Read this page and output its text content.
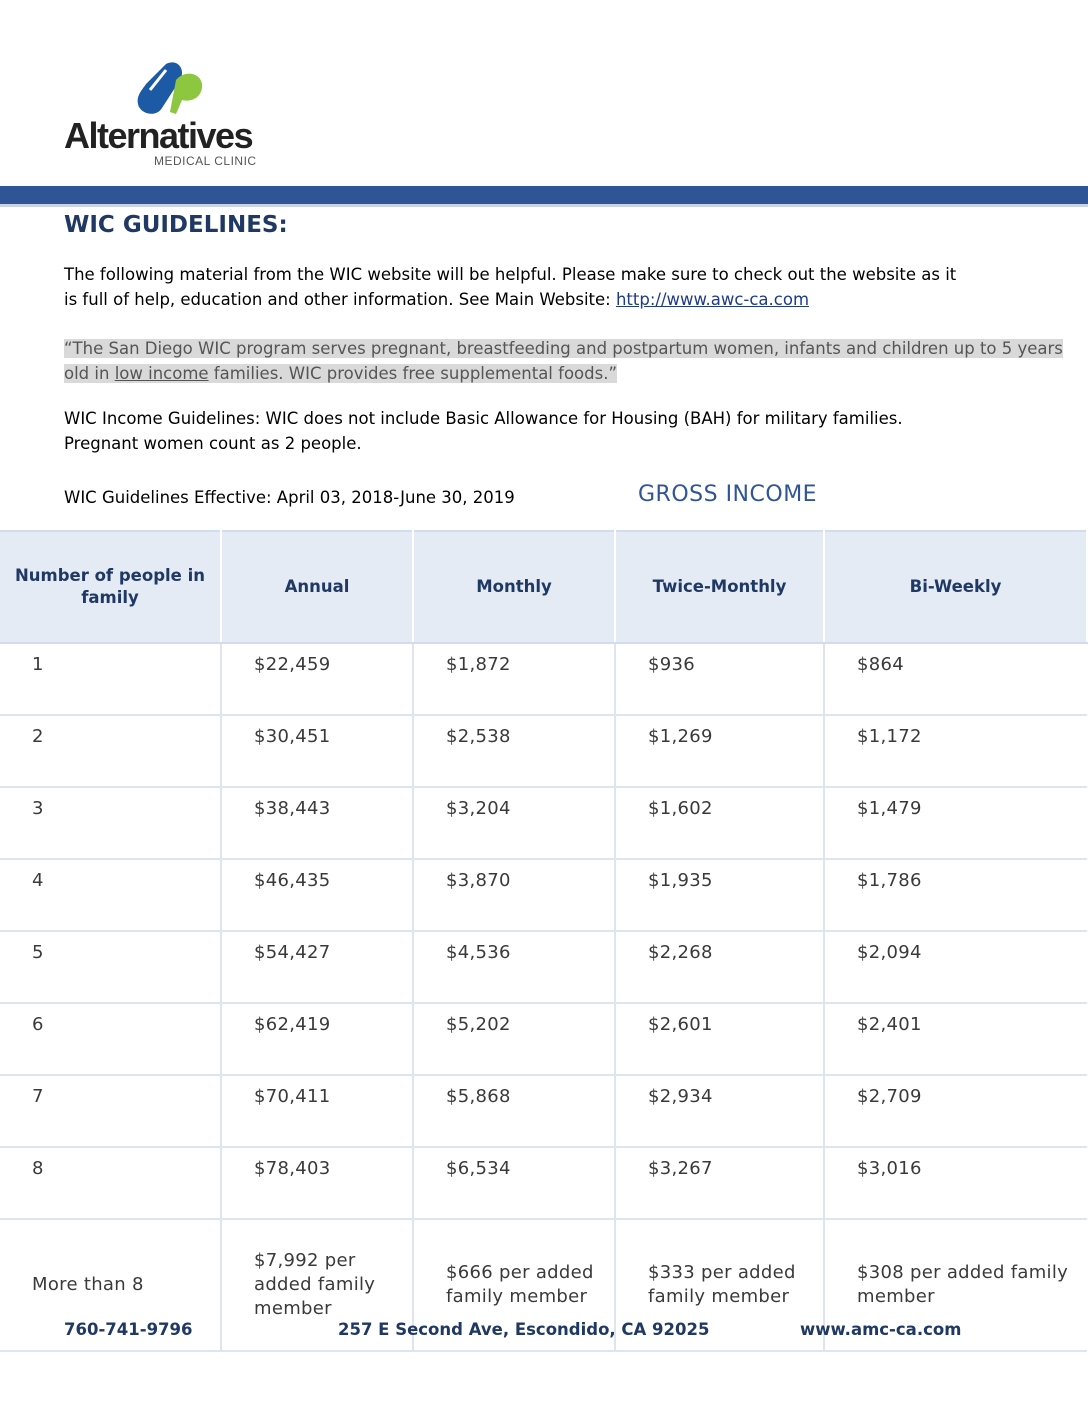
Alternatives
MEDICAL CLINIC
WIC GUIDELINES:
The following material from the WIC website will be helpful. Please make sure to check out the website as it is full of help, education and other information. See Main Website: http://www.awc-ca.com
“The San Diego WIC program serves pregnant, breastfeeding and postpartum women, infants and children up to 5 years old in low income families. WIC provides free supplemental foods.”
WIC Income Guidelines: WIC does not include Basic Allowance for Housing (BAH) for military families. Pregnant women count as 2 people.
WIC Guidelines Effective: April 03, 2018-June 30, 2019	GROSS INCOME
Number of people in family	Annual	Monthly	Twice-Monthly	Bi-Weekly
1	$22,459	$1,872	$936	$864
2	$30,451	$2,538	$1,269	$1,172
3	$38,443	$3,204	$1,602	$1,479
4	$46,435	$3,870	$1,935	$1,786
5	$54,427	$4,536	$2,268	$2,094
6	$62,419	$5,202	$2,601	$2,401
7	$70,411	$5,868	$2,934	$2,709
8	$78,403	$6,534	$3,267	$3,016
More than 8	$7,992 per added family member	$666 per added family member	$333 per added family member	$308 per added family member
760-741-9796	257 E Second Ave, Escondido, CA 92025	www.amc-ca.com
